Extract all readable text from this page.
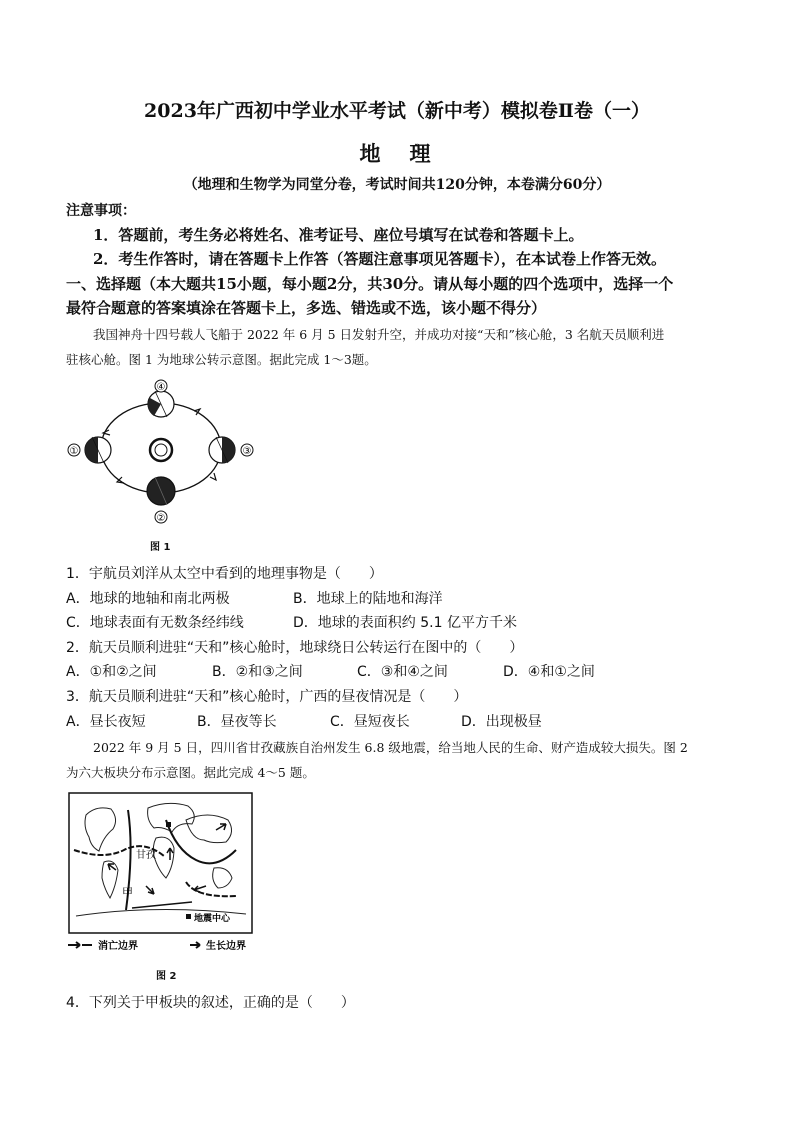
2023年广西初中学业水平考试（新中考）模拟卷Ⅱ卷（一）
地　理
（地理和生物学为同堂分卷，考试时间共120分钟，本卷满分60分）
注意事项：
1．答题前，考生务必将姓名、准考证号、座位号填写在试卷和答题卡上。
2．考生作答时，请在答题卡上作答（答题注意事项见答题卡），在本试卷上作答无效。
一、选择题（本大题共15小题，每小题2分，共30分。请从每小题的四个选项中，选择一个
最符合题意的答案填涂在答题卡上，多选、错选或不选，该小题不得分）
我国神舟十四号载人飞船于 2022 年 6 月 5 日发射升空，并成功对接“天和”核心舱，3 名航天员顺利进
驻核心舱。图 1 为地球公转示意图。据此完成 1～3题。
④
①	③
②
图 1
1．宇航员刘洋从太空中看到的地理事物是（　　）
A．地球的地轴和南北两极	B．地球上的陆地和海洋
C．地球表面有无数条经纬线	D．地球的表面积约 5.1 亿平方千米
2．航天员顺利进驻“天和”核心舱时，地球绕日公转运行在图中的（　　）
A．①和②之间	B．②和③之间	C．③和④之间	D．④和①之间
3．航天员顺利进驻“天和”核心舱时，广西的昼夜情况是（　　）
A．昼长夜短	B．昼夜等长	C．昼短夜长	D．出现极昼
2022 年 9 月 5 日，四川省甘孜藏族自治州发生 6.8 级地震，给当地人民的生命、财产造成较大损失。图 2
为六大板块分布示意图。据此完成 4～5 题。
甘孜
甲
地震中心
消亡边界	生长边界
图 2
4．下列关于甲板块的叙述，正确的是（　　）
